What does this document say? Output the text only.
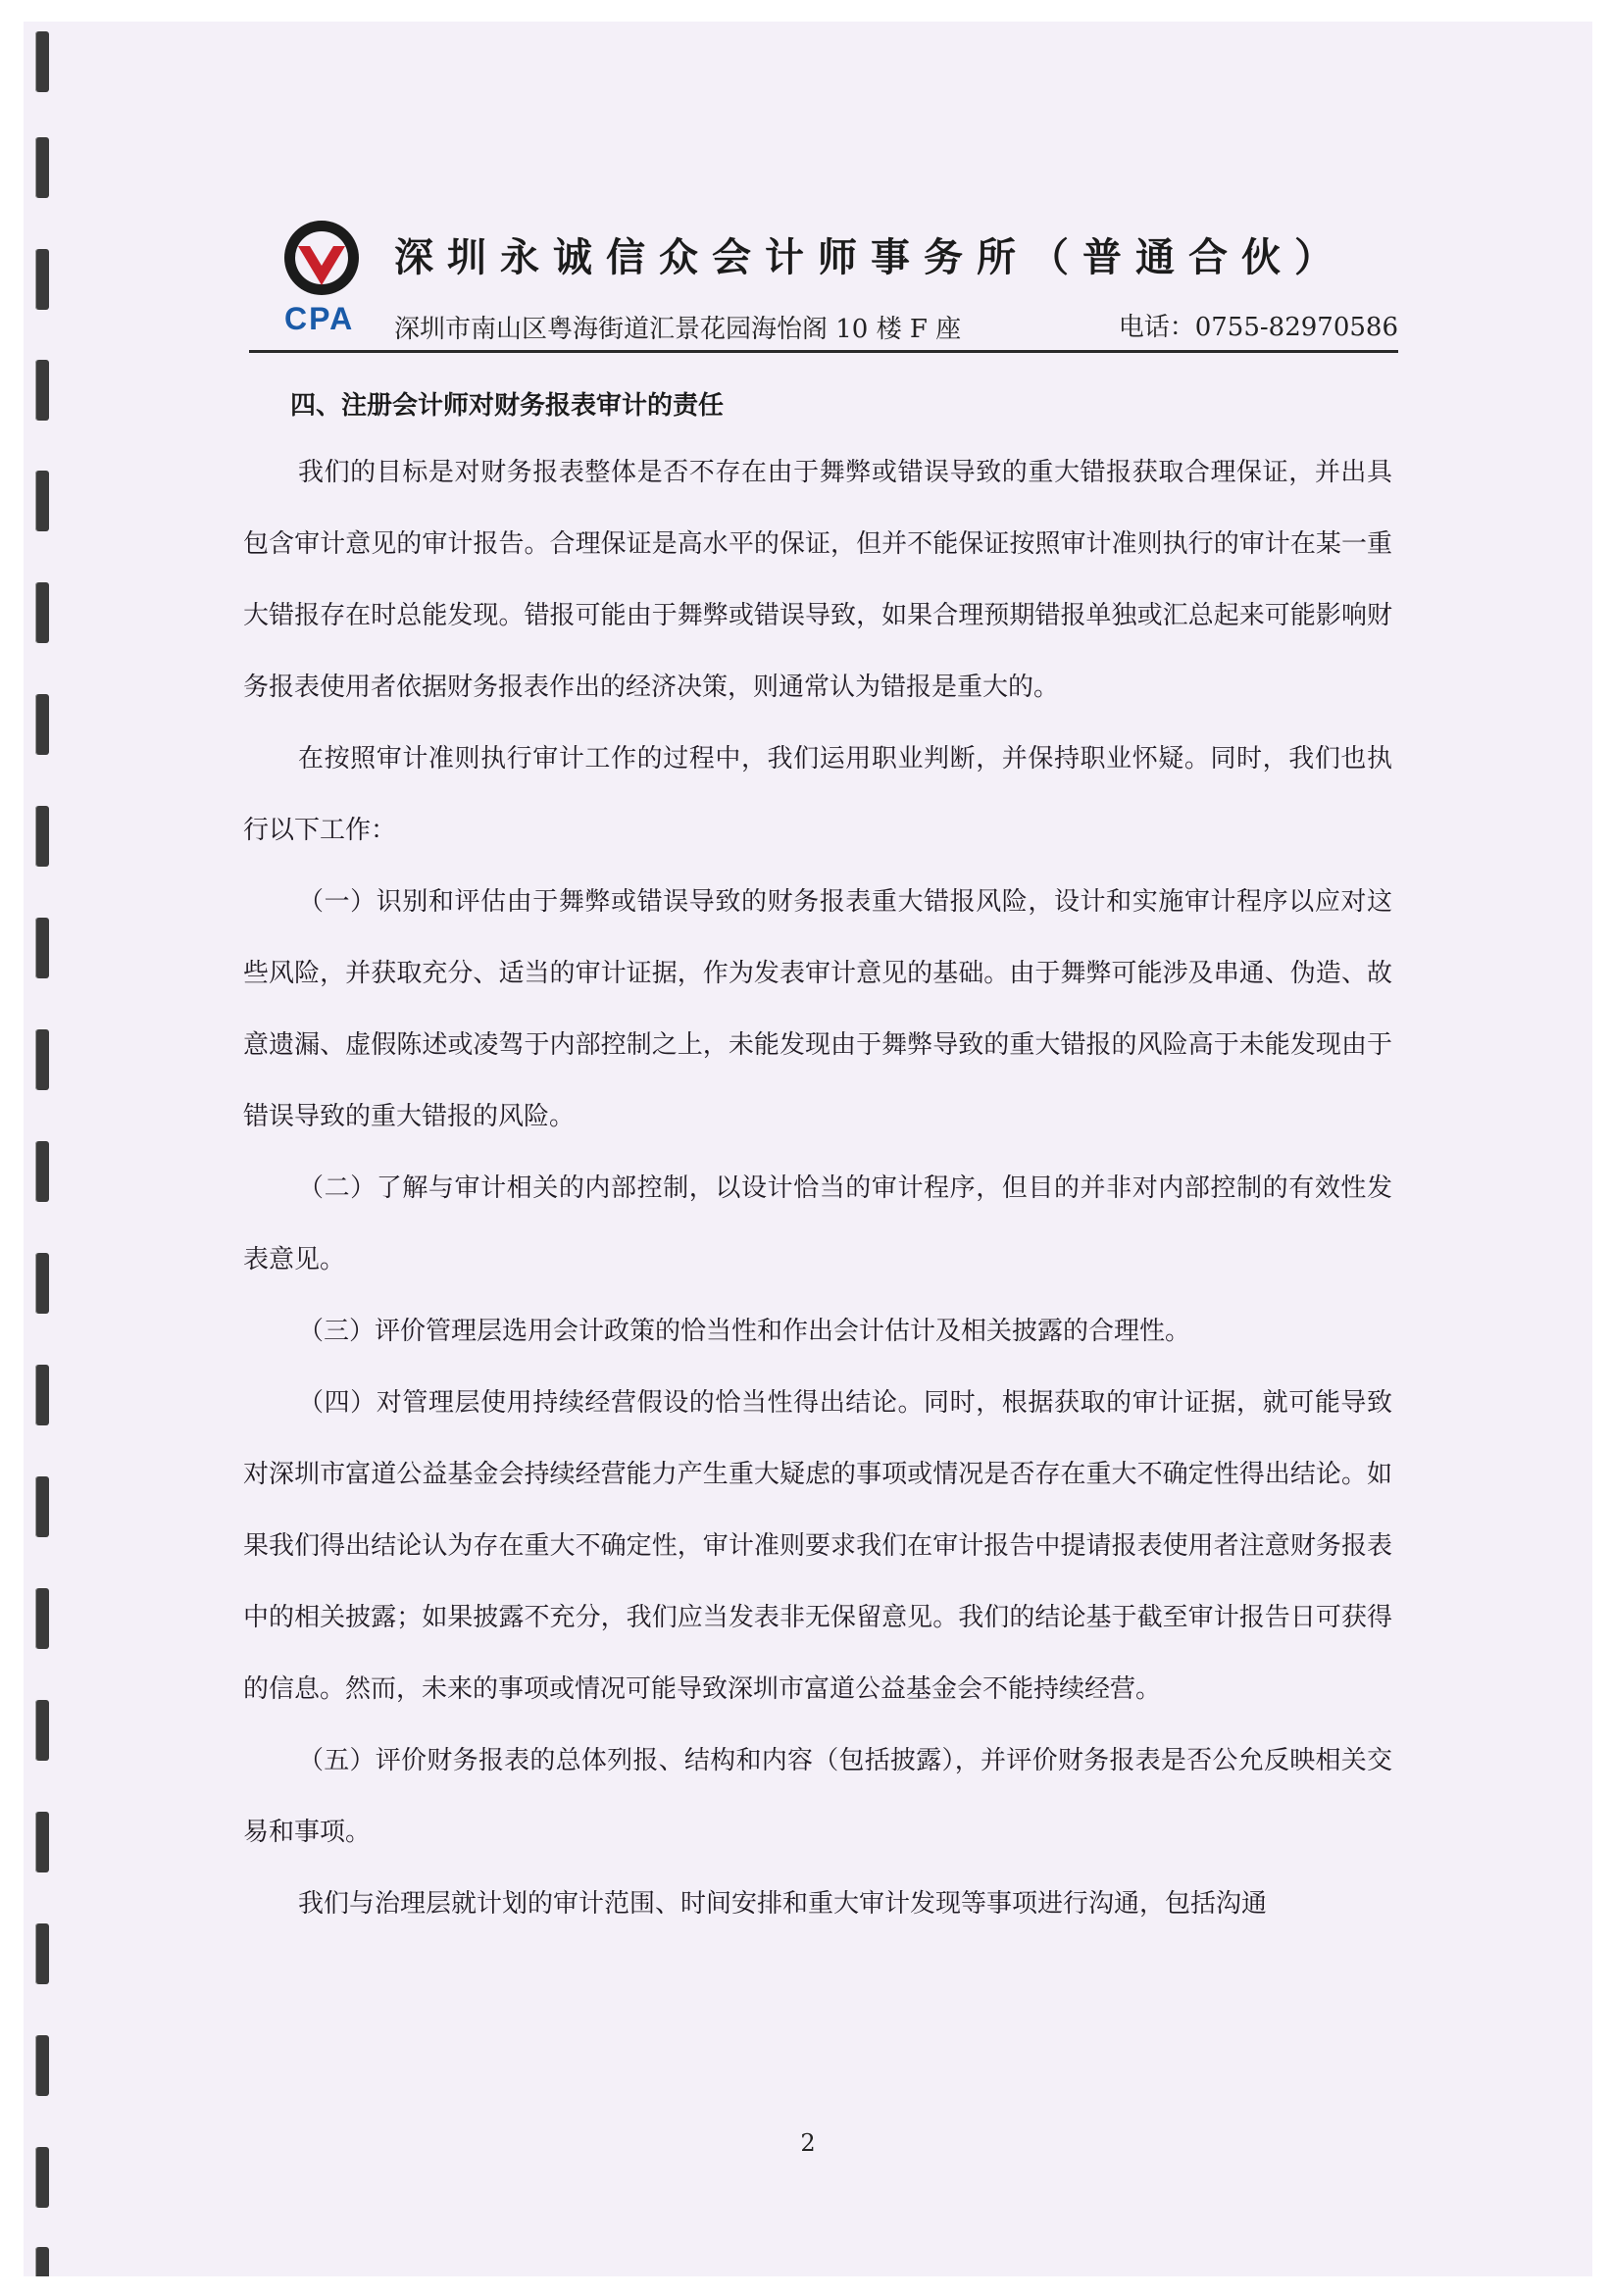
CPA
深圳永诚信众会计师事务所（普通合伙）
深圳市南山区粤海街道汇景花园海怡阁 10 楼 F 座	电话：0755-82970586
四、注册会计师对财务报表审计的责任

我们的目标是对财务报表整体是否不存在由于舞弊或错误导致的重大错报获取合理保证，并出具包含审计意见的审计报告。合理保证是高水平的保证，但并不能保证按照审计准则执行的审计在某一重大错报存在时总能发现。错报可能由于舞弊或错误导致，如果合理预期错报单独或汇总起来可能影响财务报表使用者依据财务报表作出的经济决策，则通常认为错报是重大的。

在按照审计准则执行审计工作的过程中，我们运用职业判断，并保持职业怀疑。同时，我们也执行以下工作：

（一）识别和评估由于舞弊或错误导致的财务报表重大错报风险，设计和实施审计程序以应对这些风险，并获取充分、适当的审计证据，作为发表审计意见的基础。由于舞弊可能涉及串通、伪造、故意遗漏、虚假陈述或凌驾于内部控制之上，未能发现由于舞弊导致的重大错报的风险高于未能发现由于错误导致的重大错报的风险。

（二）了解与审计相关的内部控制，以设计恰当的审计程序，但目的并非对内部控制的有效性发表意见。

（三）评价管理层选用会计政策的恰当性和作出会计估计及相关披露的合理性。

（四）对管理层使用持续经营假设的恰当性得出结论。同时，根据获取的审计证据，就可能导致对深圳市富道公益基金会持续经营能力产生重大疑虑的事项或情况是否存在重大不确定性得出结论。如果我们得出结论认为存在重大不确定性，审计准则要求我们在审计报告中提请报表使用者注意财务报表中的相关披露；如果披露不充分，我们应当发表非无保留意见。我们的结论基于截至审计报告日可获得的信息。然而，未来的事项或情况可能导致深圳市富道公益基金会不能持续经营。

（五）评价财务报表的总体列报、结构和内容（包括披露），并评价财务报表是否公允反映相关交易和事项。

我们与治理层就计划的审计范围、时间安排和重大审计发现等事项进行沟通，包括沟通

2
